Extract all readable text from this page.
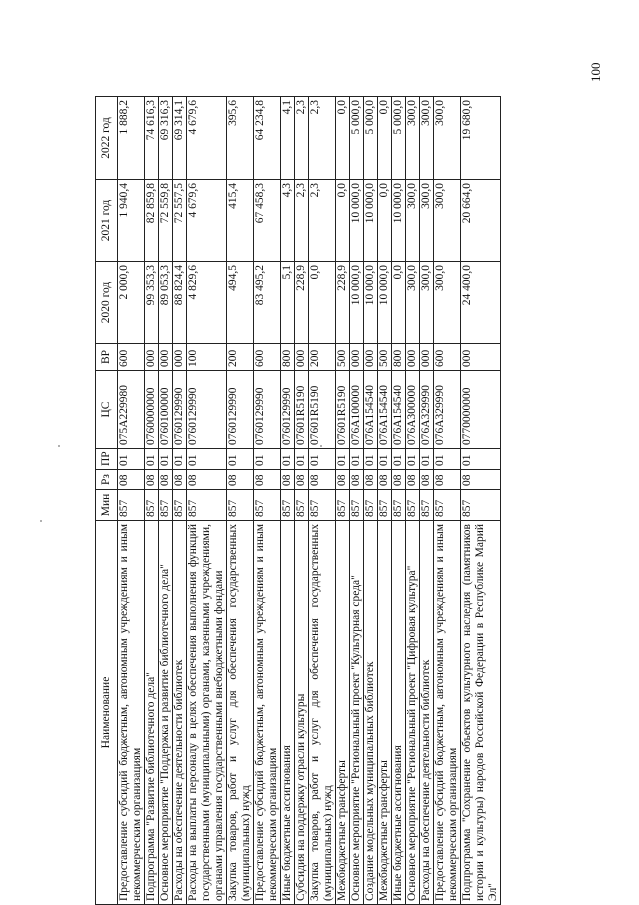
100
Наименование	Мин	Рз	ПР	ЦС	ВР	2020 год	2021 год	2022 год
Предоставление субсидий бюджетным, автономным учреждениям и иным некоммерческим организациям	857	08	01	075A229980	600	2 000,0	1 940,4	1 888,2
Подпрограмма "Развитие библиотечного дела"	857	08	01	0760000000	000	99 353,3	82 859,8	74 616,3
Основное мероприятие "Поддержка и развитие библиотечного дела"	857	08	01	0760100000	000	89 053,3	72 559,8	69 316,3
Расходы на обеспечение деятельности библиотек	857	08	01	0760129990	000	88 824,4	72 557,5	69 314,1
Расходы на выплаты персоналу в целях обеспечения выполнения функций государственными (муниципальными) органами, казенными учреждениями, органами управления государственными внебюджетными фондами	857	08	01	0760129990	100	4 829,6	4 679,6	4 679,6
Закупка товаров, работ и услуг для обеспечения государственных (муниципальных) нужд	857	08	01	0760129990	200	494,5	415,4	395,6
Предоставление субсидий бюджетным, автономным учреждениям и иным некоммерческим организациям	857	08	01	0760129990	600	83 495,2	67 458,3	64 234,8
Иные бюджетные ассигнования	857	08	01	0760129990	800	5,1	4,3	4,1
Субсидия на поддержку отрасли культуры	857	08	01	07601R5190	000	228,9	2,3	2,3
Закупка товаров, работ и услуг для обеспечения государственных (муниципальных) нужд	857	08	01	07601R5190	200	0,0	2,3	2,3
Межбюджетные трансферты	857	08	01	07601R5190	500	228,9	0,0	0,0
Основное мероприятие "Региональный проект "Культурная среда"	857	08	01	076A100000	000	10 000,0	10 000,0	5 000,0
Создание модельных муниципальных библиотек	857	08	01	076A154540	000	10 000,0	10 000,0	5 000,0
Межбюджетные трансферты	857	08	01	076A154540	500	10 000,0	0,0	0,0
Иные бюджетные ассигнования	857	08	01	076A154540	800	0,0	10 000,0	5 000,0
Основное мероприятие "Региональный проект "Цифровая культура"	857	08	01	076A300000	000	300,0	300,0	300,0
Расходы на обеспечение деятельности библиотек	857	08	01	076A329990	000	300,0	300,0	300,0
Предоставление субсидий бюджетным, автономным учреждениям и иным некоммерческим организациям	857	08	01	076A329990	600	300,0	300,0	300,0
Подпрограмма "Сохранение объектов культурного наследия (памятников истории и культуры) народов Российской Федерации в Республике Марий Эл"	857	08	01	0770000000	000	24 400,0	20 664,0	19 680,0
